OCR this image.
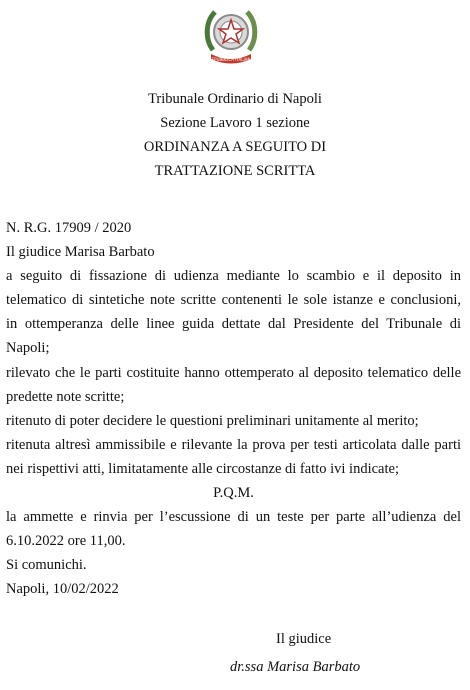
REPUBBLICA ITALIANA
Tribunale Ordinario di Napoli
Sezione Lavoro 1 sezione
ORDINANZA A SEGUITO DI
TRATTAZIONE SCRITTA
N. R.G. 17909 / 2020
Il giudice Marisa Barbato
a seguito di fissazione di udienza mediante lo scambio e il deposito in
telematico di sintetiche note scritte contenenti le sole istanze e conclusioni,
in ottemperanza delle linee guida dettate dal Presidente del Tribunale di
Napoli;
rilevato che le parti costituite hanno ottemperato al deposito telematico delle
predette note scritte;
ritenuto di poter decidere le questioni preliminari unitamente al merito;
ritenuta altresì ammissibile e rilevante la prova per testi articolata dalle parti
nei rispettivi atti, limitatamente alle circostanze di fatto ivi indicate;
P.Q.M.
la ammette e rinvia per l’escussione di un teste per parte all’udienza del
6.10.2022 ore 11,00.
Si comunichi.
Napoli, 10/02/2022
Il giudice
dr.ssa Marisa Barbato
